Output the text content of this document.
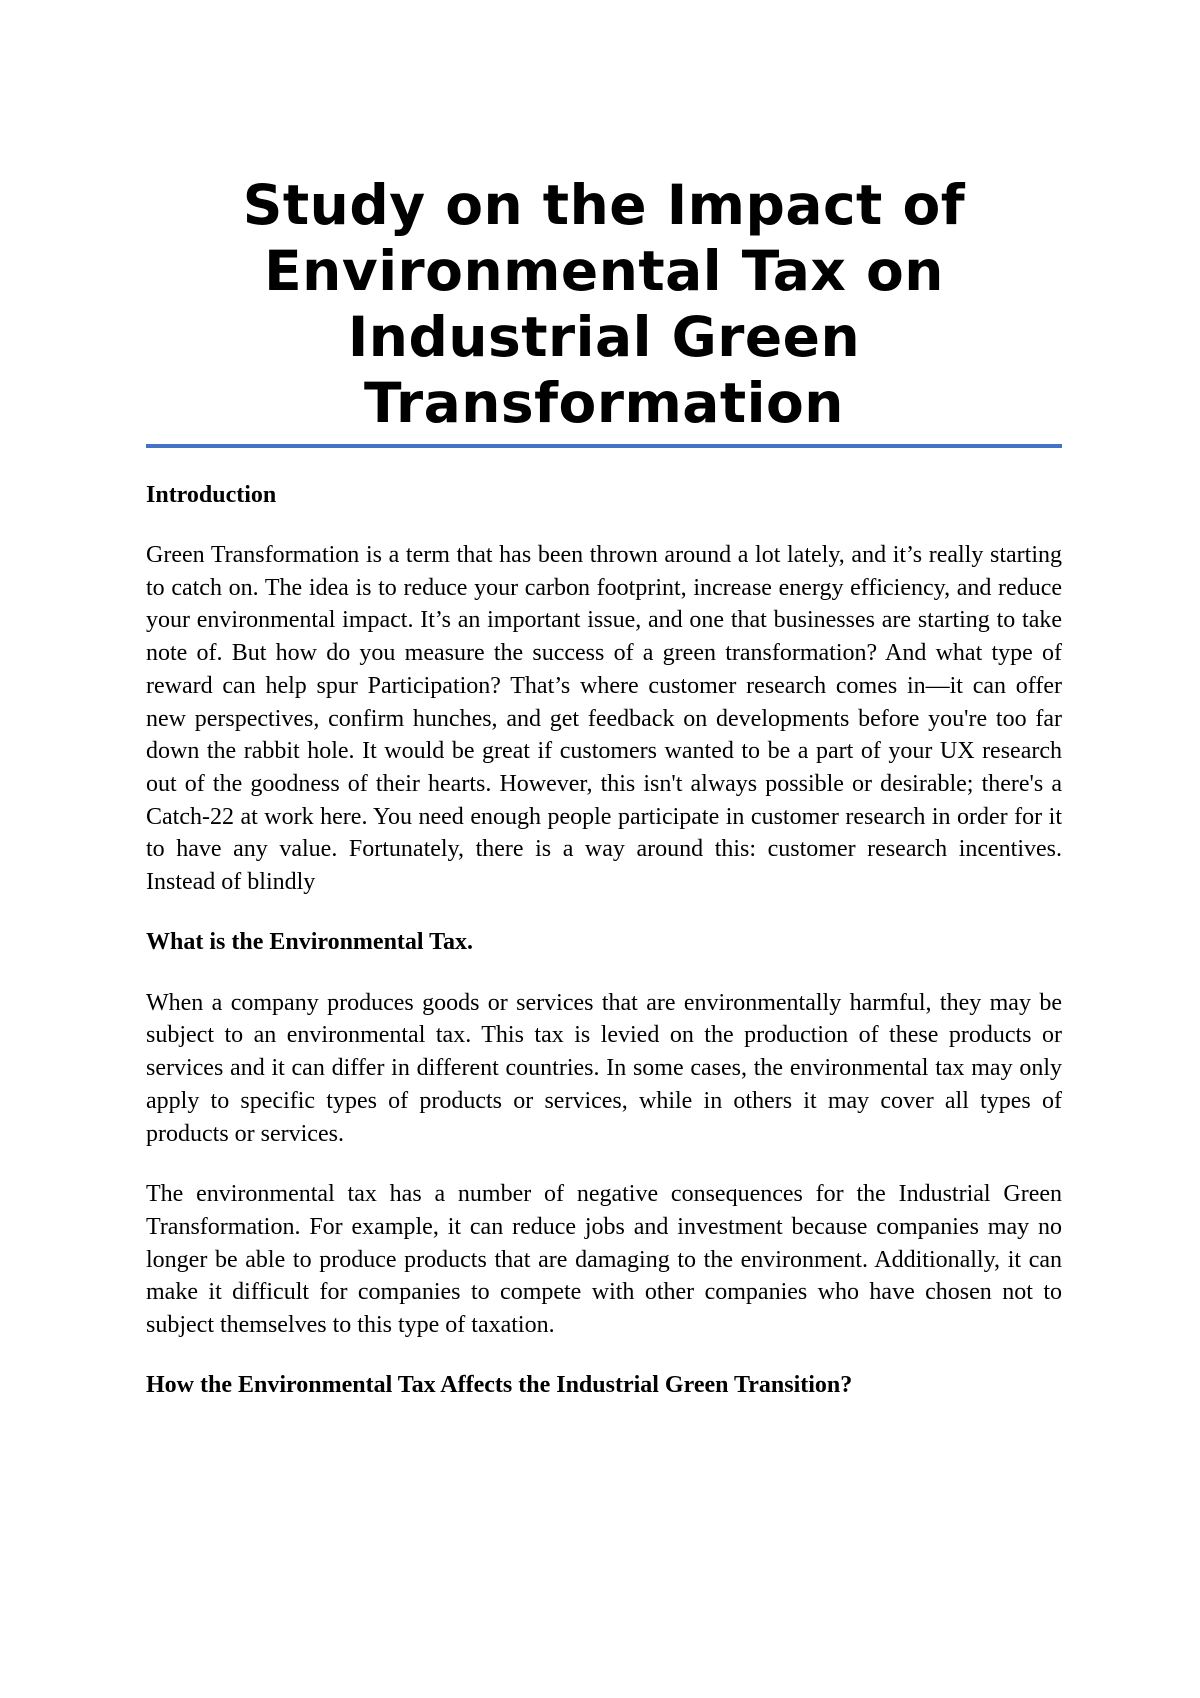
Study on the Impact of Environmental Tax on Industrial Green Transformation
Introduction

Green Transformation is a term that has been thrown around a lot lately, and it’s really starting to catch on. The idea is to reduce your carbon footprint, increase energy efficiency, and reduce your environmental impact. It’s an important issue, and one that businesses are starting to take note of. But how do you measure the success of a green transformation? And what type of reward can help spur Participation? That’s where customer research comes in—it can offer new perspectives, confirm hunches, and get feedback on developments before you're too far down the rabbit hole. It would be great if customers wanted to be a part of your UX research out of the goodness of their hearts. However, this isn't always possible or desirable; there's a Catch-22 at work here. You need enough people participate in customer research in order for it to have any value. Fortunately, there is a way around this: customer research incentives. Instead of blindly

What is the Environmental Tax.

When a company produces goods or services that are environmentally harmful, they may be subject to an environmental tax. This tax is levied on the production of these products or services and it can differ in different countries. In some cases, the environmental tax may only apply to specific types of products or services, while in others it may cover all types of products or services.

The environmental tax has a number of negative consequences for the Industrial Green Transformation. For example, it can reduce jobs and investment because companies may no longer be able to produce products that are damaging to the environment. Additionally, it can make it difficult for companies to compete with other companies who have chosen not to subject themselves to this type of taxation.

How the Environmental Tax Affects the Industrial Green Transition?
